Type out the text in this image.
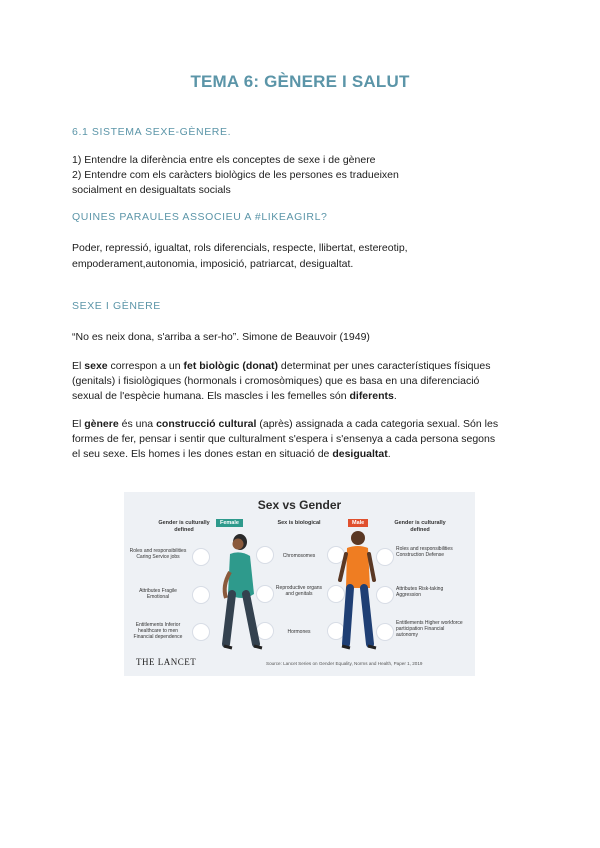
TEMA 6: GÈNERE I SALUT
6.1 SISTEMA SEXE-GÈNERE.
1) Entendre la diferència entre els conceptes de sexe i de gènere
2) Entendre com els caràcters biològics de les persones es tradueixen
socialment en desigualtats socials
QUINES PARAULES ASSOCIEU A #LIKEAGIRL?
Poder, repressió, igualtat, rols diferencials, respecte, llibertat, estereotip,
empoderament,autonomia, imposició, patriarcat, desigualtat.
SEXE I GÈNERE
“No es neix dona, s'arriba a ser-ho”. Simone de Beauvoir (1949)
El sexe correspon a un fet biològic (donat) determinat per unes característiques físiques
(genitals) i fisiològiques (hormonals i cromosòmiques) que es basa en una diferenciació
sexual de l'espècie humana. Els mascles i les femelles són diferents.
El gènere és una construcció cultural (après) assignada a cada categoria sexual. Són les
formes de fer, pensar i sentir que culturalment s'espera i s'ensenya a cada persona segons
el seu sexe. Els homes i les dones estan en situació de desigualtat.
Sex vs Gender
Gender is culturally defined
Female	Sex is biological	Male	Gender is culturally defined
Roles and responsibilities Caring Service jobs
Attributes Fragile Emotional
Entitlements Inferior healthcare to men Financial dependence
Chromosomes
Reproductive organs and genitals
Hormones
Roles and responsibilities Construction Defense
Attributes Risk-taking Aggression
Entitlements Higher workforce participation Financial autonomy
THE LANCET	Source: Lancet Series on Gender Equality, Norms and Health, Paper 1, 2019
